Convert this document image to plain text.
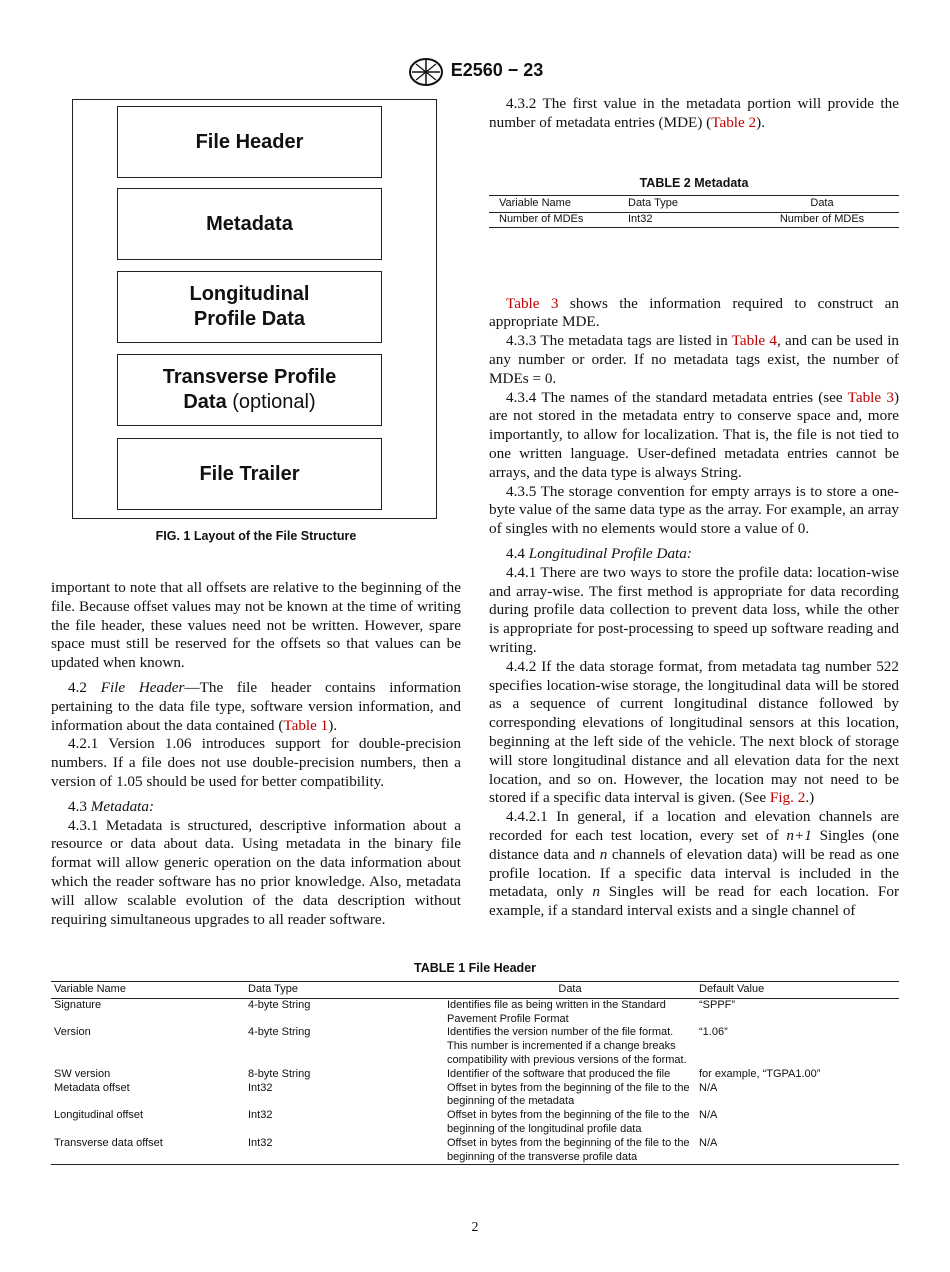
E2560 − 23
File Header
Metadata
Longitudinal
Profile Data
Transverse Profile
Data (optional)
File Trailer
FIG. 1 Layout of the File Structure

important to note that all offsets are relative to the beginning of the file. Because offset values may not be known at the time of writing the file header, these values need not be written. However, spare space must still be reserved for the offsets so that values can be updated when known.

4.2 File Header—The file header contains information pertaining to the data file type, software version information, and information about the data contained (Table 1).

4.2.1 Version 1.06 introduces support for double-precision numbers. If a file does not use double-precision numbers, then a version of 1.05 should be used for better compatibility.

4.3 Metadata:

4.3.1 Metadata is structured, descriptive information about a resource or data about data. Using metadata in the binary file format will allow generic operation on the data information about which the reader software has no prior knowledge. Also, metadata will allow scalable evolution of the data description without requiring simultaneous upgrades to all reader software.

4.3.2 The first value in the metadata portion will provide the number of metadata entries (MDE) (Table 2).

Table 3 shows the information required to construct an appropriate MDE.

4.3.3 The metadata tags are listed in Table 4, and can be used in any number or order. If no metadata tags exist, the number of MDEs = 0.

4.3.4 The names of the standard metadata entries (see Table 3) are not stored in the metadata entry to conserve space and, more importantly, to allow for localization. That is, the file is not tied to one written language. User-defined metadata entries cannot be arrays, and the data type is always String.

4.3.5 The storage convention for empty arrays is to store a one-byte value of the same data type as the array. For example, an array of singles with no elements would store a value of 0.

4.4 Longitudinal Profile Data:

4.4.1 There are two ways to store the profile data: location-wise and array-wise. The first method is appropriate for data recording during profile data collection to prevent data loss, while the other is appropriate for post-processing to speed up software reading and writing.

4.4.2 If the data storage format, from metadata tag number 522 specifies location-wise storage, the longitudinal data will be stored as a sequence of current longitudinal distance followed by corresponding elevations of longitudinal sensors at this location, beginning at the left side of the vehicle. The next block of storage will store longitudinal distance and all elevation data for the next location, and so on. However, the location may not need to be stored if a specific data interval is given. (See Fig. 2.)

4.4.2.1 In general, if a location and elevation channels are recorded for each test location, every set of n+1 Singles (one distance data and n channels of elevation data) will be read as one profile location. If a specific data interval is included in the metadata, only n Singles will be read for each location. For example, if a standard interval exists and a single channel of

TABLE 2 Metadata
Variable Name	Data Type	Data
Number of MDEs	Int32	Number of MDEs
TABLE 1 File Header
Variable Name	Data Type	Data	Default Value
Signature	4-byte String	Identifies file as being written in the Standard Pavement Profile Format	“SPPF”
Version	4-byte String	Identifies the version number of the file format. This number is incremented if a change breaks compatibility with previous versions of the format.	“1.06”
SW version	8-byte String	Identifier of the software that produced the file	for example, “TGPA1.00”
Metadata offset	Int32	Offset in bytes from the beginning of the file to the beginning of the metadata	N/A
Longitudinal offset	Int32	Offset in bytes from the beginning of the file to the beginning of the longitudinal profile data	N/A
Transverse data offset	Int32	Offset in bytes from the beginning of the file to the beginning of the transverse profile data	N/A
2
